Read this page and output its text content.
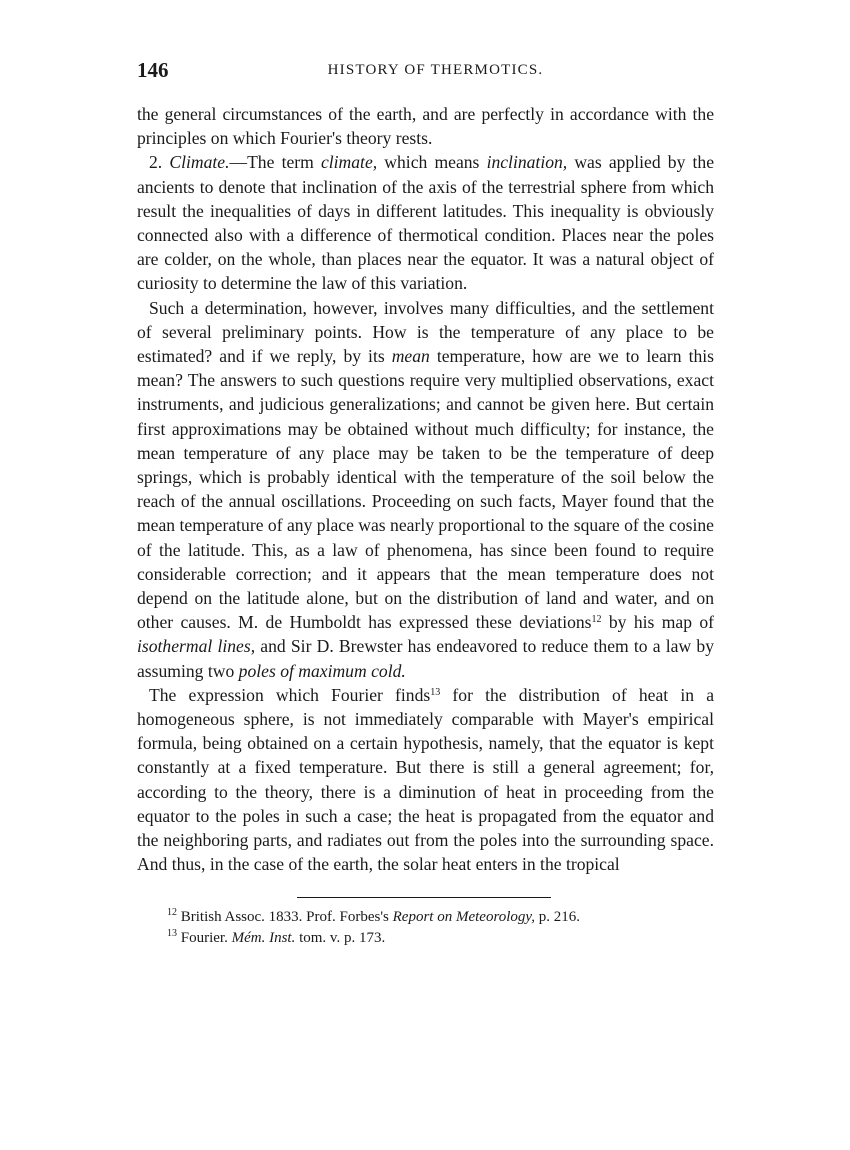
146	HISTORY OF THERMOTICS.

the general circumstances of the earth, and are perfectly in accordance with the principles on which Fourier's theory rests.

2. Climate.—The term climate, which means inclination, was applied by the ancients to denote that inclination of the axis of the terrestrial sphere from which result the inequalities of days in different latitudes. This inequality is obviously connected also with a difference of thermotical condition. Places near the poles are colder, on the whole, than places near the equator. It was a natural object of curiosity to determine the law of this variation.

Such a determination, however, involves many difficulties, and the settlement of several preliminary points. How is the temperature of any place to be estimated? and if we reply, by its mean temperature, how are we to learn this mean? The answers to such questions require very multiplied observations, exact instruments, and judicious generalizations; and cannot be given here. But certain first approximations may be obtained without much difficulty; for instance, the mean temperature of any place may be taken to be the temperature of deep springs, which is probably identical with the temperature of the soil below the reach of the annual oscillations. Proceeding on such facts, Mayer found that the mean temperature of any place was nearly proportional to the square of the cosine of the latitude. This, as a law of phenomena, has since been found to require considerable correction; and it appears that the mean temperature does not depend on the latitude alone, but on the distribution of land and water, and on other causes. M. de Humboldt has expressed these deviations$^{12}$ by his map of isothermal lines, and Sir D. Brewster has endeavored to reduce them to a law by assuming two poles of maximum cold.

The expression which Fourier finds$^{13}$ for the distribution of heat in a homogeneous sphere, is not immediately comparable with Mayer's empirical formula, being obtained on a certain hypothesis, namely, that the equator is kept constantly at a fixed temperature. But there is still a general agreement; for, according to the theory, there is a diminution of heat in proceeding from the equator to the poles in such a case; the heat is propagated from the equator and the neighboring parts, and radiates out from the poles into the surrounding space. And thus, in the case of the earth, the solar heat enters in the tropical

$^{12}$ British Assoc. 1833. Prof. Forbes's Report on Meteorology, p. 216.

$^{13}$ Fourier. Mém. Inst. tom. v. p. 173.
